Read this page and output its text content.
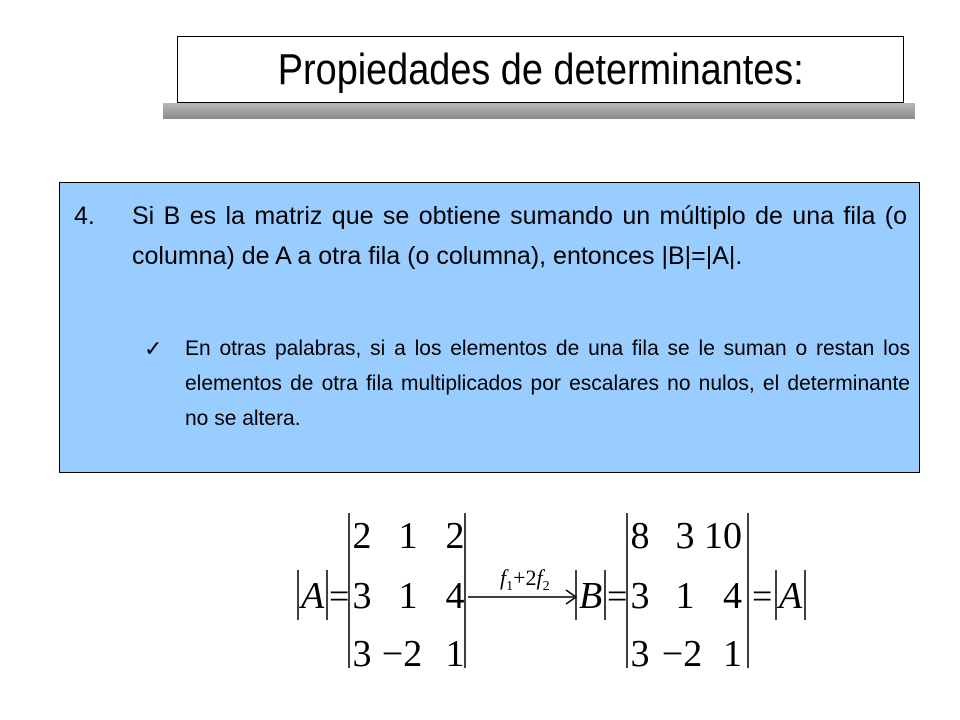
Propiedades de determinantes:
4. Si B es la matriz que se obtiene sumando un múltiplo de una fila (o columna) de A a otra fila (o columna), entonces |B|=|A|.
✓ En otras palabras, si a los elementos de una fila se le suman o restan los elementos de otra fila multiplicados por escalares no nulos, el determinante no se altera.
A =
2 1 2
3 1 4
3 −2 1
$f_1+2f_2$ B =
8 3 10
3 1 4
3 −2 1
= A
